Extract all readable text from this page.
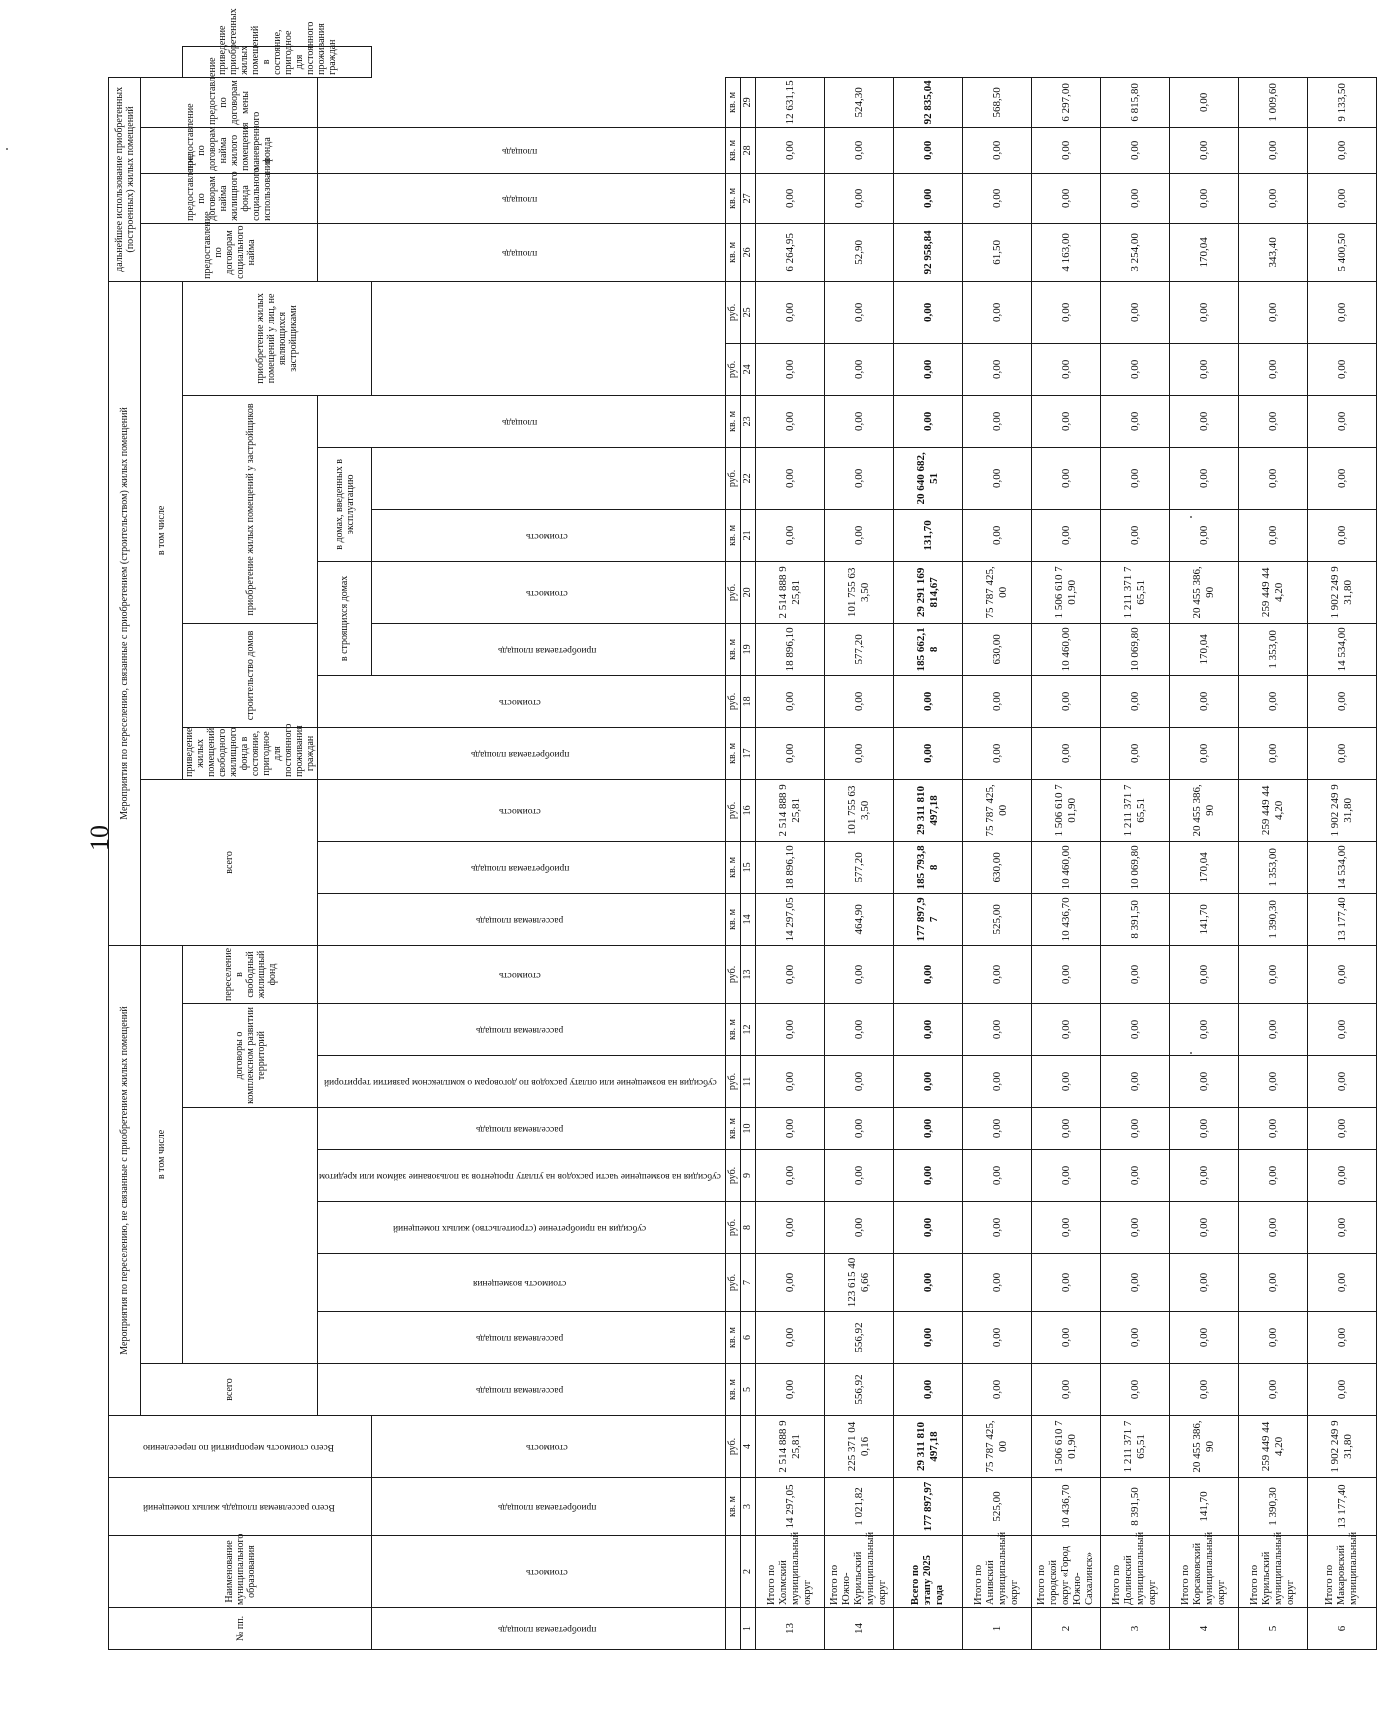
10
№ пп.	Наименование муниципального образования	Всего расселяемая площадь жилых помещений	Всего стоимость мероприятий по переселению	Мероприятия по переселению, не связанные с приобретением жилых помещений									Мероприятия по переселению, связанные с приобретением (строительством) жилых помещений												дальнейшее использование приобретенных (построенных) жилых помещений				
				всего	в том числе								всего			в том числе									предоставление по договорам социального найма	предоставление по договорам найма жилищного фонда социального использования	предоставление по договорам найма жилого помещения маневренного фонда	предоставление по договорам мены	
										договоры о комплексном развитии территорий		переселение в свободный жилищный фонд				приведение жилых помещений свободного жилищного фонда в состояние, пригодное для постоянного проживания граждан	строительство домов		приобретение жилых помещений у застройщиков				приобретение жилых помещений у лиц, не являющихся застройщиками						приведение приобретенных жилых помещений в состояние, пригодное для постоянного проживания граждан
				расселяемая площадь	расселяемая площадь	стоимость возмещения	субсидия на приобретение (строительство) жилых помещений	субсидия на возмещение части расходов на уплату процентов за пользование займом или кредитом	расселяемая площадь	субсидия на возмещение или оплату расходов по договорам о комплексном развитии территорий	расселяемая площадь	стоимость	расселяемая площадь	приобретаемая площадь	стоимость	приобретаемая площадь	стоимость	в строящихся домах		в домах, введенных в эксплуатацию		площадь			площадь	площадь	площадь		
приобретаемая площадь	стоимость	приобретаемая площадь	стоимость															приобретаемая площадь	стоимость	стоимость									
		кв. м	руб.	кв. м	кв. м	руб.	руб.	руб.	кв. м	руб.	кв. м	руб.	кв. м	кв. м	руб.	кв. м	руб.	кв. м	руб.	кв. м	руб.	кв. м	руб.	руб.	кв. м	кв. м	кв. м	кв. м	
1	2	3	4	5	6	7	8	9	10	11	12	13	14	15	16	17	18	19	20	21	22	23	24	25	26	27	28	29	
13	Итого по Холмский муниципальный округ	14 297,05	2 514 888 925,81	0,00	0,00	0,00	0,00	0,00	0,00	0,00	0,00	0,00	14 297,05	18 896,10	2 514 888 925,81	0,00	0,00	18 896,10	2 514 888 925,81	0,00	0,00	0,00	0,00	0,00	6 264,95	0,00	0,00	12 631,15	
14	Итого по Южно-Курильский муниципальный округ	1 021,82	225 371 040,16	556,92	556,92	123 615 406,66	0,00	0,00	0,00	0,00	0,00	0,00	464,90	577,20	101 755 633,50	0,00	0,00	577,20	101 755 633,50	0,00	0,00	0,00	0,00	0,00	52,90	0,00	0,00	524,30	
	Всего по этапу 2025 года	177 897,97	29 311 810 497,18	0,00	0,00	0,00	0,00	0,00	0,00	0,00	0,00	0,00	177 897,97	185 793,88	29 311 810 497,18	0,00	0,00	185 662,18	29 291 169 814,67	131,70	20 640 682,51	0,00	0,00	0,00	92 958,84	0,00	0,00	92 835,04	
1	Итого по Анивский муниципальный округ	525,00	75 787 425,00	0,00	0,00	0,00	0,00	0,00	0,00	0,00	0,00	0,00	525,00	630,00	75 787 425,00	0,00	0,00	630,00	75 787 425,00	0,00	0,00	0,00	0,00	0,00	61,50	0,00	0,00	568,50	
2	Итого по городской округ «Город Южно-Сахалинск»	10 436,70	1 506 610 701,90	0,00	0,00	0,00	0,00	0,00	0,00	0,00	0,00	0,00	10 436,70	10 460,00	1 506 610 701,90	0,00	0,00	10 460,00	1 506 610 701,90	0,00	0,00	0,00	0,00	0,00	4 163,00	0,00	0,00	6 297,00	
3	Итого по Долинский муниципальный округ	8 391,50	1 211 371 765,51	0,00	0,00	0,00	0,00	0,00	0,00	0,00	0,00	0,00	8 391,50	10 069,80	1 211 371 765,51	0,00	0,00	10 069,80	1 211 371 765,51	0,00	0,00	0,00	0,00	0,00	3 254,00	0,00	0,00	6 815,80	
4	Итого по Корсаковский муниципальный округ	141,70	20 455 386,90	0,00	0,00	0,00	0,00	0,00	0,00	0,00	0,00	0,00	141,70	170,04	20 455 386,90	0,00	0,00	170,04	20 455 386,90	0,00	0,00	0,00	0,00	0,00	170,04	0,00	0,00	0,00	
5	Итого по Курильский муниципальный округ	1 390,30	259 449 444,20	0,00	0,00	0,00	0,00	0,00	0,00	0,00	0,00	0,00	1 390,30	1 353,00	259 449 444,20	0,00	0,00	1 353,00	259 449 444,20	0,00	0,00	0,00	0,00	0,00	343,40	0,00	0,00	1 009,60	
6	Итого по Макаровский муниципальный	13 177,40	1 902 249 931,80	0,00	0,00	0,00	0,00	0,00	0,00	0,00	0,00	0,00	13 177,40	14 534,00	1 902 249 931,80	0,00	0,00	14 534,00	1 902 249 931,80	0,00	0,00	0,00	0,00	0,00	5 400,50	0,00	0,00	9 133,50	
